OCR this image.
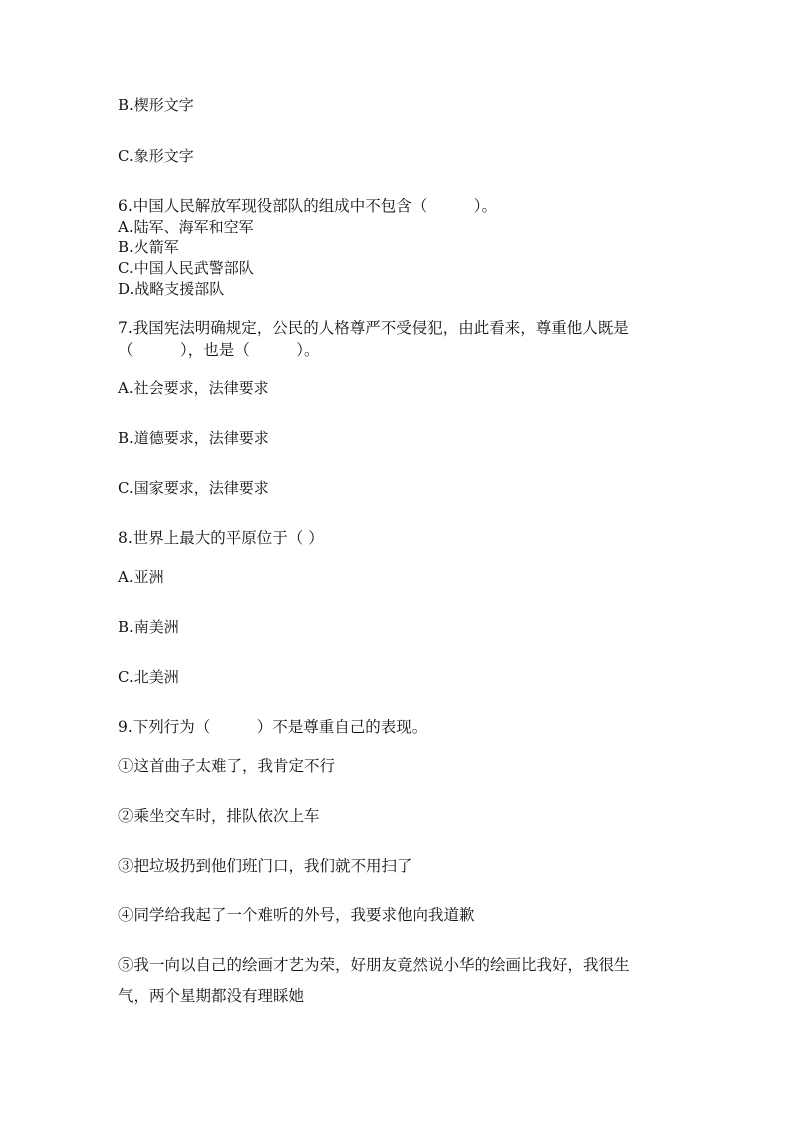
B.楔形文字
C.象形文字
6.中国人民解放军现役部队的组成中不包含（　　　）。
A.陆军、海军和空军
B.火箭军
C.中国人民武警部队
D.战略支援部队
7.我国宪法明确规定，公民的人格尊严不受侵犯，由此看来，尊重他人既是
（　　　），也是（　　　）。
A.社会要求，法律要求
B.道德要求，法律要求
C.国家要求，法律要求
8.世界上最大的平原位于（ ）
A.亚洲
B.南美洲
C.北美洲
9.下列行为（　　　）不是尊重自己的表现。
①这首曲子太难了，我肯定不行
②乘坐交车时，排队依次上车
③把垃圾扔到他们班门口，我们就不用扫了
④同学给我起了一个难听的外号，我要求他向我道歉
⑤我一向以自己的绘画才艺为荣，好朋友竟然说小华的绘画比我好，我很生
气，两个星期都没有理睬她
